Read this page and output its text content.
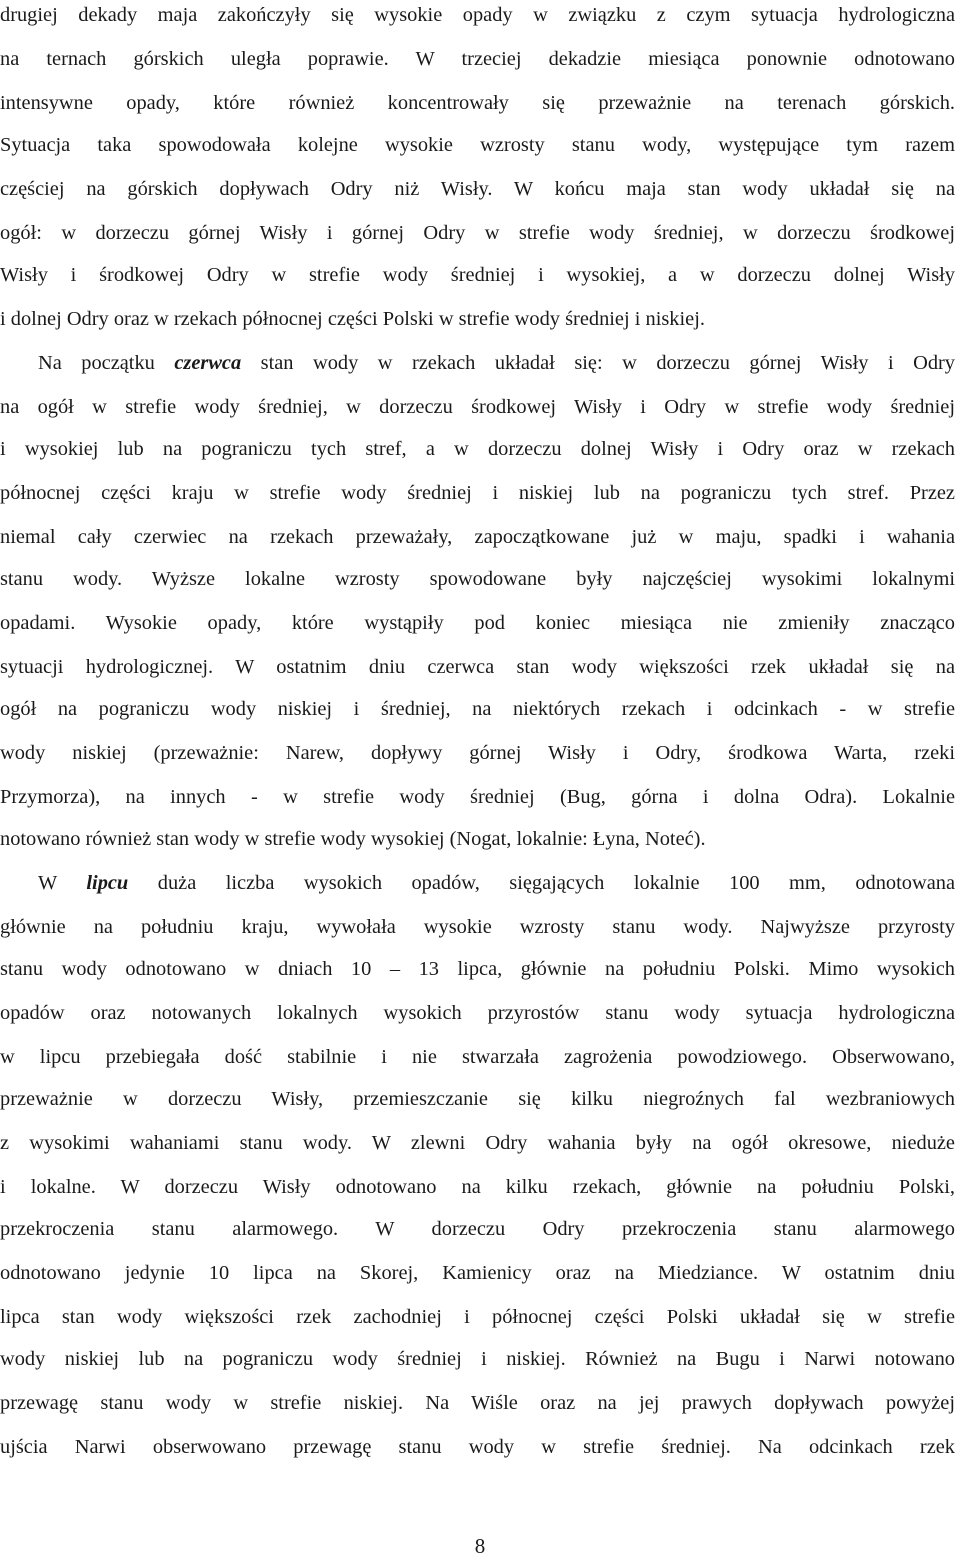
drugiej dekady maja zakończyły się wysokie opady w związku z czym sytuacja hydrologiczna
na ternach górskich uległa poprawie. W trzeciej dekadzie miesiąca ponownie odnotowano
intensywne opady, które również koncentrowały się przeważnie na terenach górskich.
Sytuacja taka spowodowała kolejne wysokie wzrosty stanu wody, występujące tym razem
częściej na górskich dopływach Odry niż Wisły. W końcu maja stan wody układał się na
ogół: w dorzeczu górnej Wisły i górnej Odry w strefie wody średniej, w dorzeczu środkowej
Wisły i środkowej Odry w strefie wody średniej i wysokiej, a w dorzeczu dolnej Wisły
i dolnej Odry oraz w rzekach północnej części Polski w strefie wody średniej i niskiej.
Na początku czerwca stan wody w rzekach układał się: w dorzeczu górnej Wisły i Odry
na ogół w strefie wody średniej, w dorzeczu środkowej Wisły i Odry w strefie wody średniej
i wysokiej lub na pograniczu tych stref, a w dorzeczu dolnej Wisły i Odry oraz w rzekach
północnej części kraju w strefie wody średniej i niskiej lub na pograniczu tych stref. Przez
niemal cały czerwiec na rzekach przeważały, zapoczątkowane już w maju, spadki i wahania
stanu wody. Wyższe lokalne wzrosty spowodowane były najczęściej wysokimi lokalnymi
opadami. Wysokie opady, które wystąpiły pod koniec miesiąca nie zmieniły znacząco
sytuacji hydrologicznej. W ostatnim dniu czerwca stan wody większości rzek układał się na
ogół na pograniczu wody niskiej i średniej, na niektórych rzekach i odcinkach - w strefie
wody niskiej (przeważnie: Narew, dopływy górnej Wisły i Odry, środkowa Warta, rzeki
Przymorza), na innych - w strefie wody średniej (Bug, górna i dolna Odra). Lokalnie
notowano również stan wody w strefie wody wysokiej (Nogat, lokalnie: Łyna, Noteć).
W lipcu duża liczba wysokich opadów, sięgających lokalnie 100 mm, odnotowana
głównie na południu kraju, wywołała wysokie wzrosty stanu wody. Najwyższe przyrosty
stanu wody odnotowano w dniach 10 – 13 lipca, głównie na południu Polski. Mimo wysokich
opadów oraz notowanych lokalnych wysokich przyrostów stanu wody sytuacja hydrologiczna
w lipcu przebiegała dość stabilnie i nie stwarzała zagrożenia powodziowego. Obserwowano,
przeważnie w dorzeczu Wisły, przemieszczanie się kilku niegroźnych fal wezbraniowych
z wysokimi wahaniami stanu wody. W zlewni Odry wahania były na ogół okresowe, nieduże
i lokalne. W dorzeczu Wisły odnotowano na kilku rzekach, głównie na południu Polski,
przekroczenia stanu alarmowego. W dorzeczu Odry przekroczenia stanu alarmowego
odnotowano jedynie 10 lipca na Skorej, Kamienicy oraz na Miedziance. W ostatnim dniu
lipca stan wody większości rzek zachodniej i północnej części Polski układał się w strefie
wody niskiej lub na pograniczu wody średniej i niskiej. Również na Bugu i Narwi notowano
przewagę stanu wody w strefie niskiej. Na Wiśle oraz na jej prawych dopływach powyżej
ujścia Narwi obserwowano przewagę stanu wody w strefie średniej. Na odcinkach rzek
8
